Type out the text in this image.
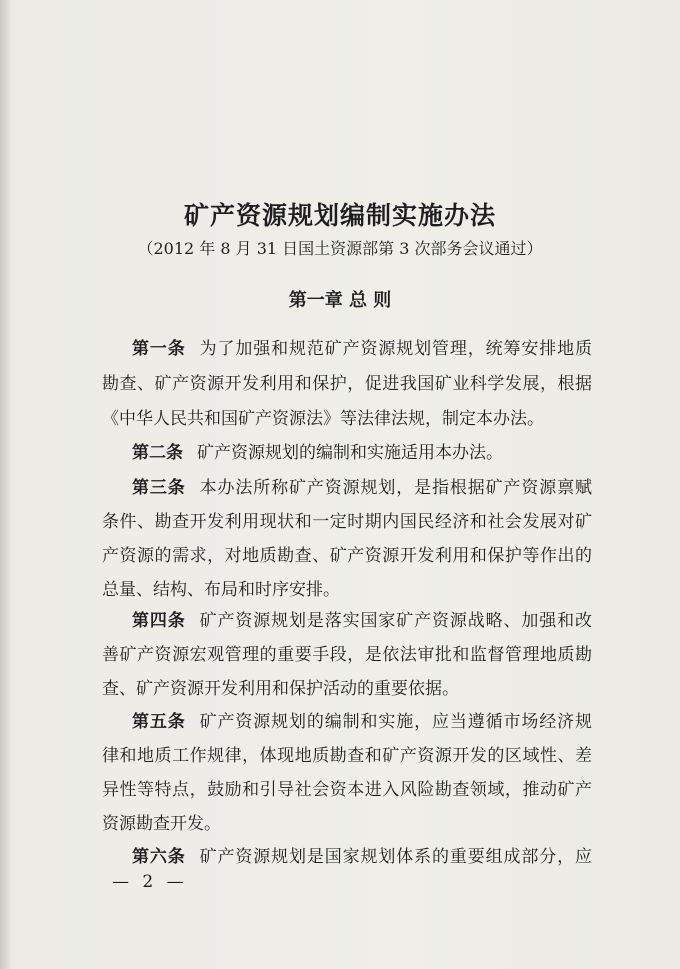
矿产资源规划编制实施办法
（2012 年 8 月 31 日国土资源部第 3 次部务会议通过）
第一章 总 则
第一条 为了加强和规范矿产资源规划管理，统筹安排地质
勘查、矿产资源开发利用和保护，促进我国矿业科学发展，根据
《中华人民共和国矿产资源法》等法律法规，制定本办法。
第二条 矿产资源规划的编制和实施适用本办法。
第三条 本办法所称矿产资源规划，是指根据矿产资源禀赋
条件、勘查开发利用现状和一定时期内国民经济和社会发展对矿
产资源的需求，对地质勘查、矿产资源开发利用和保护等作出的
总量、结构、布局和时序安排。
第四条 矿产资源规划是落实国家矿产资源战略、加强和改
善矿产资源宏观管理的重要手段，是依法审批和监督管理地质勘
查、矿产资源开发利用和保护活动的重要依据。
第五条 矿产资源规划的编制和实施，应当遵循市场经济规
律和地质工作规律，体现地质勘查和矿产资源开发的区域性、差
异性等特点，鼓励和引导社会资本进入风险勘查领域，推动矿产
资源勘查开发。
第六条 矿产资源规划是国家规划体系的重要组成部分，应
— 2 —
